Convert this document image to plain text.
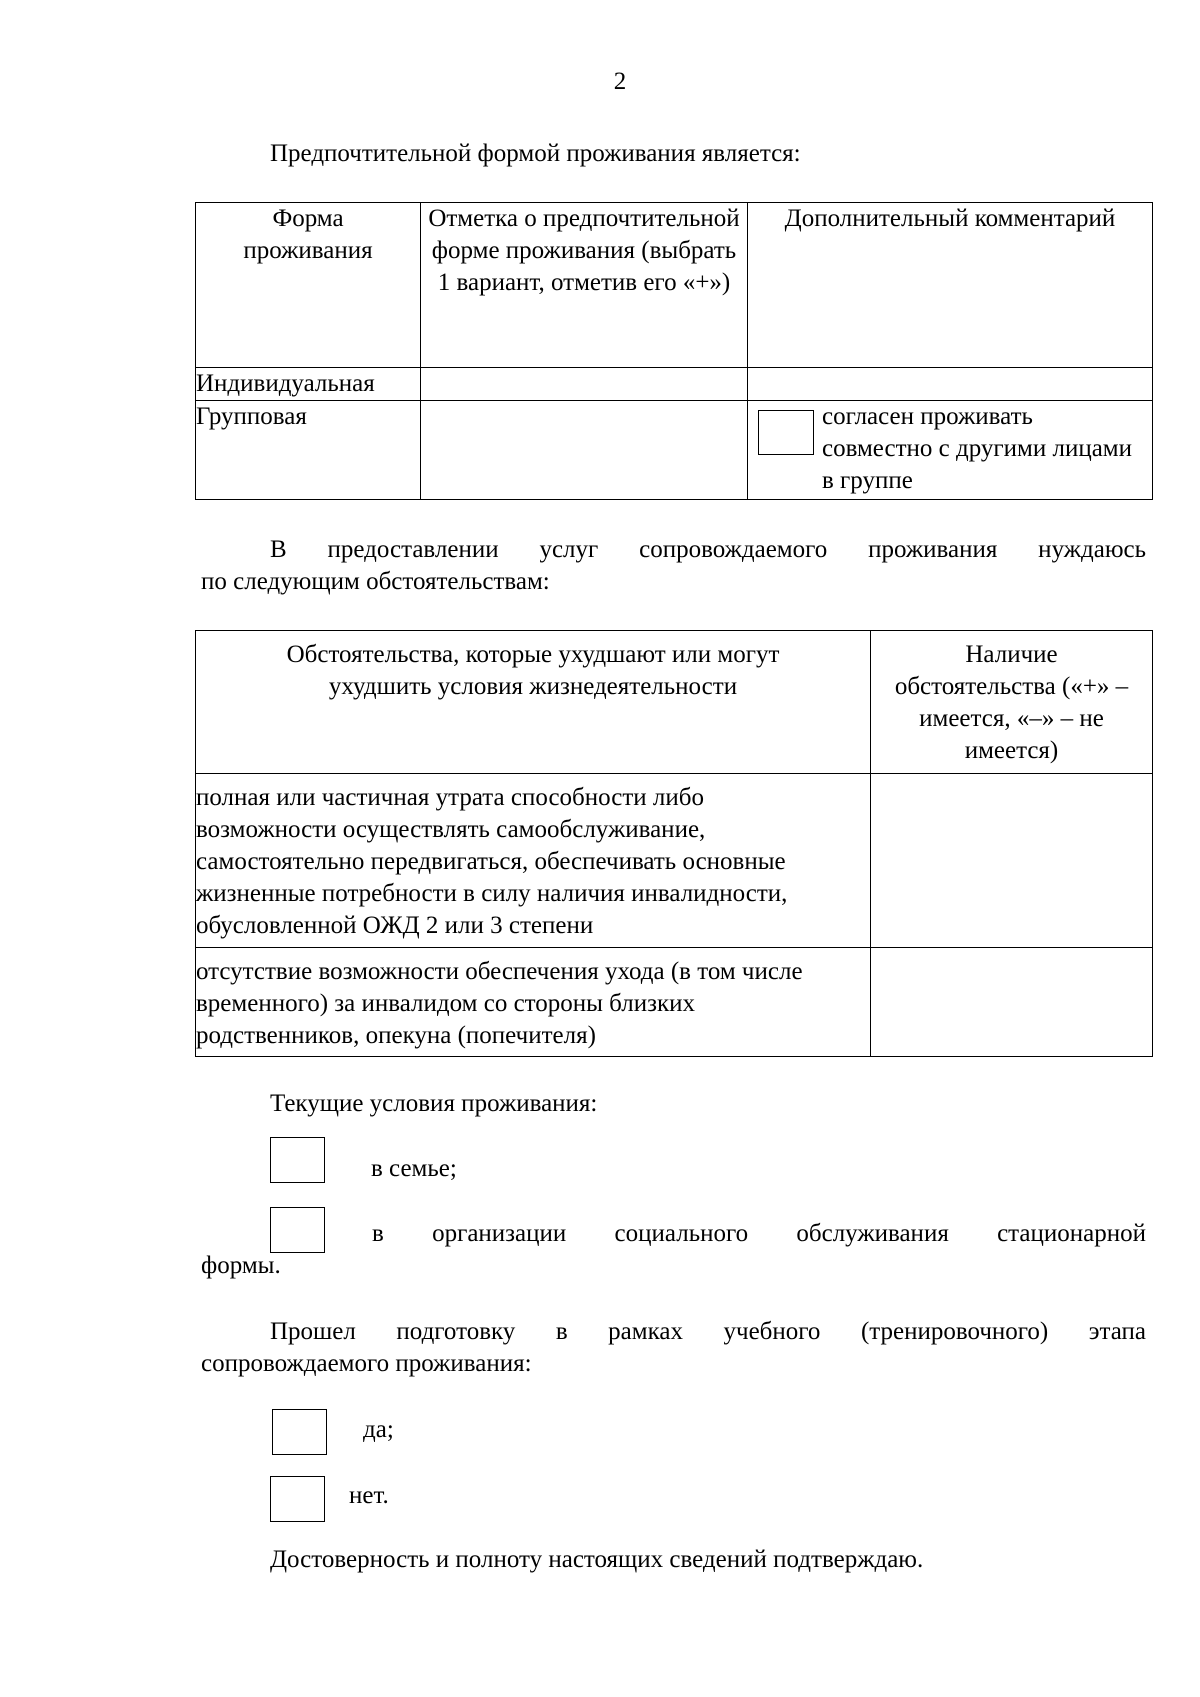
2
Предпочтительной формой проживания является:
Форма проживания	Отметка о предпочтительной форме проживания (выбрать 1 вариант, отметив его «+»)	Дополнительный комментарий
Индивидуальная		
Групповая		согласен проживать совместно с другими лицами в группе
В предоставлении услуг сопровождаемого проживания нуждаюсь
по следующим обстоятельствам:
Обстоятельства, которые ухудшают или могут ухудшить условия жизнедеятельности	Наличие обстоятельства («+» – имеется, «–» – не имеется)
полная или частичная утрата способности либо возможности осуществлять самообслуживание, самостоятельно передвигаться, обеспечивать основные жизненные потребности в силу наличия инвалидности, обусловленной ОЖД 2 или 3 степени	
отсутствие возможности обеспечения ухода (в том числе временного) за инвалидом со стороны близких родственников, опекуна (попечителя)	
Текущие условия проживания:
в семье;
в организации социального обслуживания стационарной
формы.
Прошел подготовку в рамках учебного (тренировочного) этапа
сопровождаемого проживания:
да;
нет.
Достоверность и полноту настоящих сведений подтверждаю.
